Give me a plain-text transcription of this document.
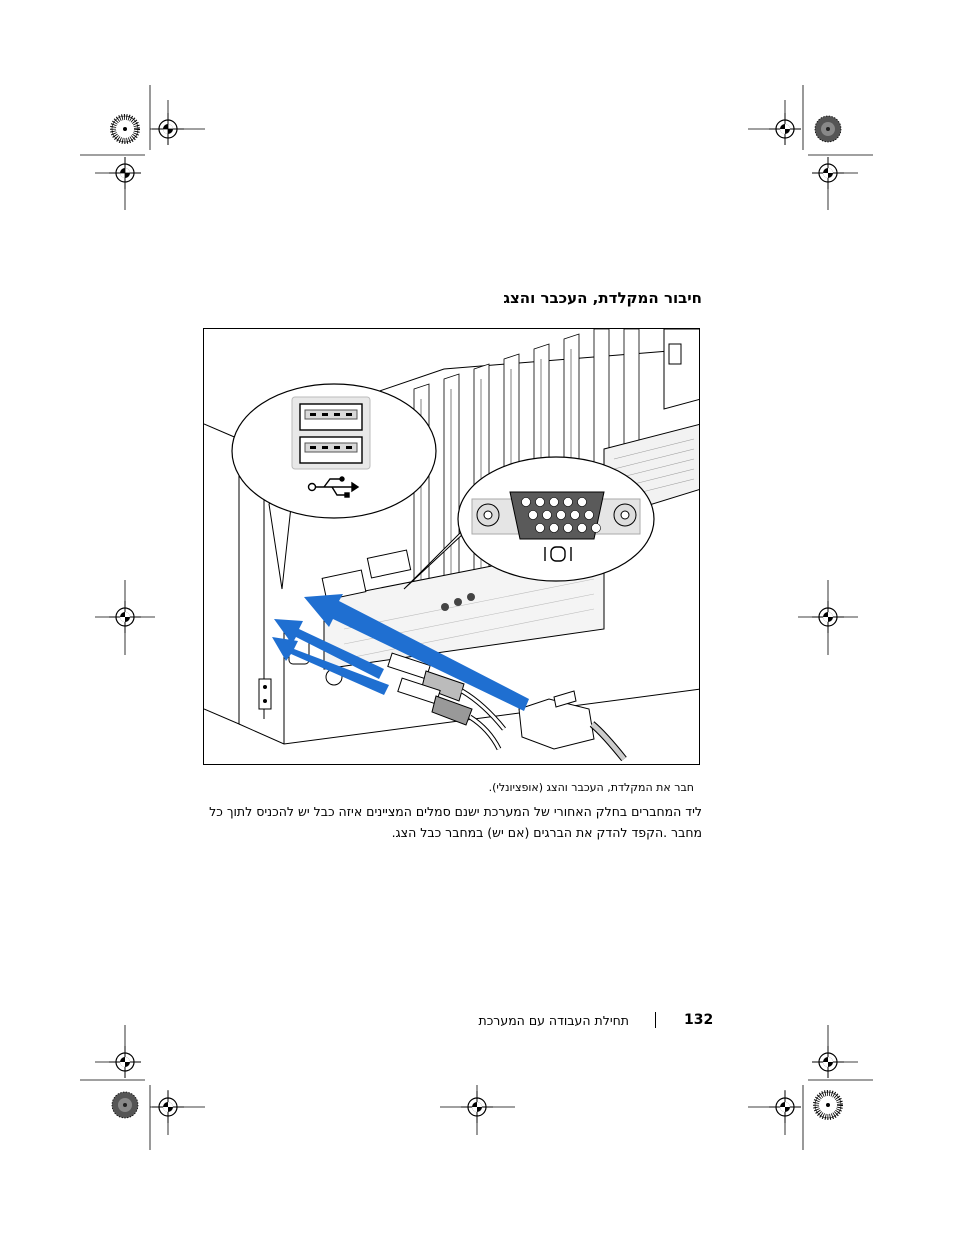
חיבור המקלדת, העכבר והצג
חבר את המקלדת, העכבר והצג (אופציונלי).
ליד המחברים בחלק האחורי של המערכת ישנם סמלים המציינים איזה כבל יש להכניס לתוך כל
מחבר .הקפד להדק את הברגים (אם יש) במחבר כבל הצג.
132
תחילת העבודה עם המערכת
